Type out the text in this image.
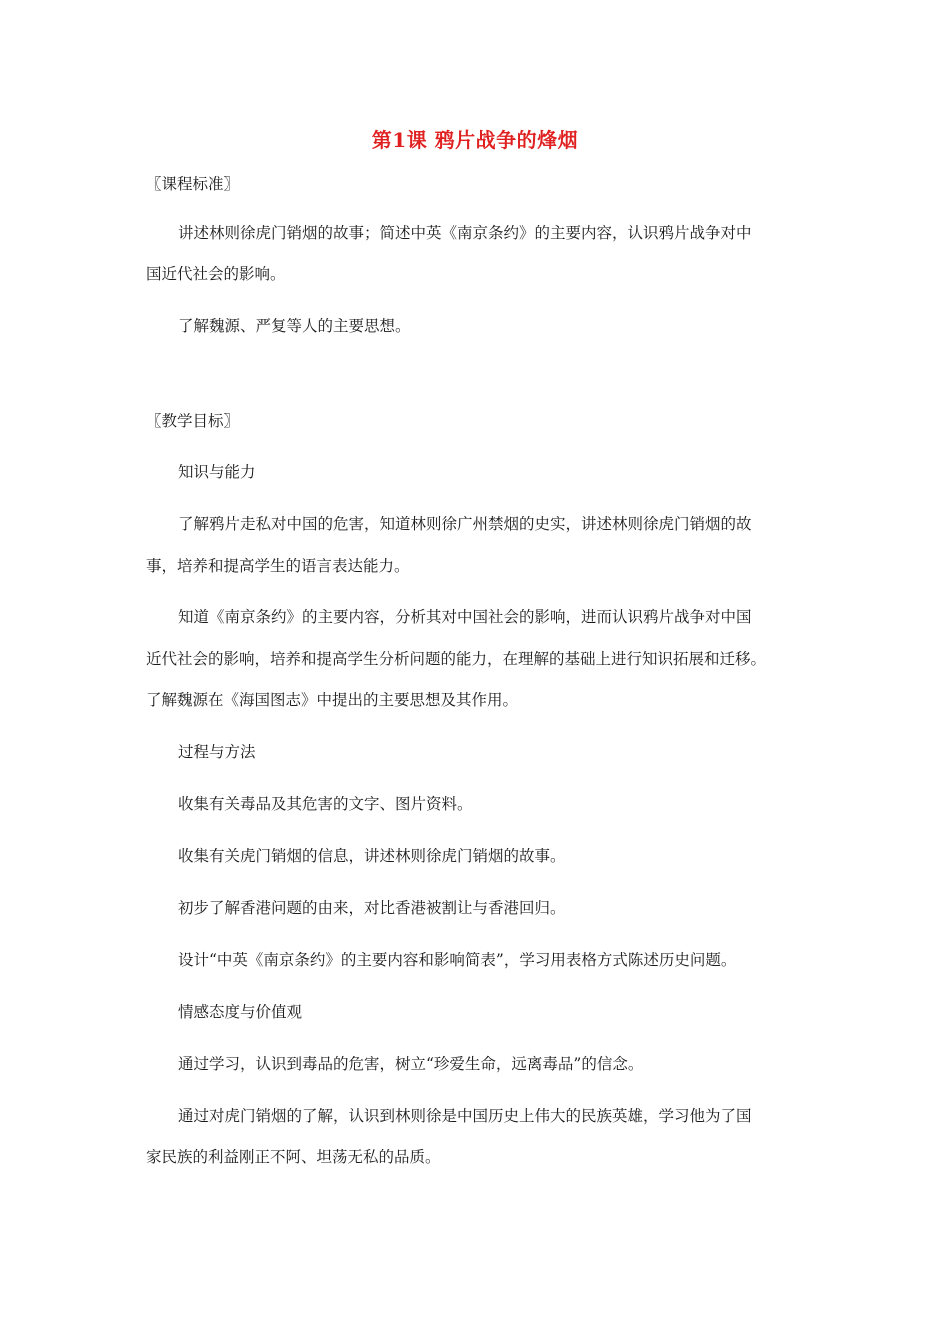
第1课 鸦片战争的烽烟
〖课程标准〗
讲述林则徐虎门销烟的故事；简述中英《南京条约》的主要内容，认识鸦片战争对中
国近代社会的影响。
了解魏源、严复等人的主要思想。
〖教学目标〗
知识与能力
了解鸦片走私对中国的危害，知道林则徐广州禁烟的史实，讲述林则徐虎门销烟的故
事，培养和提高学生的语言表达能力。
知道《南京条约》的主要内容，分析其对中国社会的影响，进而认识鸦片战争对中国
近代社会的影响，培养和提高学生分析问题的能力，在理解的基础上进行知识拓展和迁移。
了解魏源在《海国图志》中提出的主要思想及其作用。
过程与方法
收集有关毒品及其危害的文字、图片资料。
收集有关虎门销烟的信息，讲述林则徐虎门销烟的故事。
初步了解香港问题的由来，对比香港被割让与香港回归。
设计“中英《南京条约》的主要内容和影响简表”，学习用表格方式陈述历史问题。
情感态度与价值观
通过学习，认识到毒品的危害，树立“珍爱生命，远离毒品”的信念。
通过对虎门销烟的了解，认识到林则徐是中国历史上伟大的民族英雄，学习他为了国
家民族的利益刚正不阿、坦荡无私的品质。
